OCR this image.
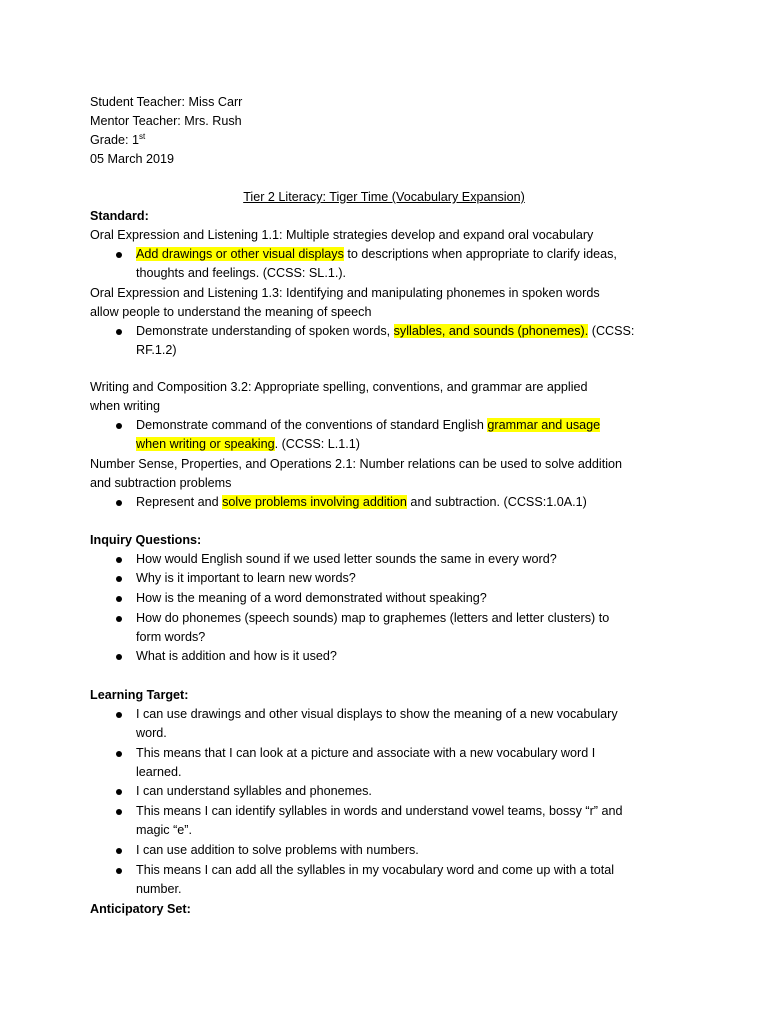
Student Teacher: Miss Carr
Mentor Teacher: Mrs. Rush
Grade: 1st
05 March 2019
Tier 2 Literacy: Tiger Time (Vocabulary Expansion)
Standard:
Oral Expression and Listening 1.1: Multiple strategies develop and expand oral vocabulary
Add drawings or other visual displays to descriptions when appropriate to clarify ideas,
thoughts and feelings. (CCSS: SL.1.).
Oral Expression and Listening 1.3: Identifying and manipulating phonemes in spoken words
allow people to understand the meaning of speech
Demonstrate understanding of spoken words, syllables, and sounds (phonemes). (CCSS:
RF.1.2)
Writing and Composition 3.2: Appropriate spelling, conventions, and grammar are applied
when writing
Demonstrate command of the conventions of standard English grammar and usage
when writing or speaking. (CCSS: L.1.1)
Number Sense, Properties, and Operations 2.1: Number relations can be used to solve addition
and subtraction problems
Represent and solve problems involving addition and subtraction. (CCSS:1.0A.1)
Inquiry Questions:
How would English sound if we used letter sounds the same in every word?
Why is it important to learn new words?
How is the meaning of a word demonstrated without speaking?
How do phonemes (speech sounds) map to graphemes (letters and letter clusters) to
form words?
What is addition and how is it used?
Learning Target:
I can use drawings and other visual displays to show the meaning of a new vocabulary
word.
This means that I can look at a picture and associate with a new vocabulary word I
learned.
I can understand syllables and phonemes.
This means I can identify syllables in words and understand vowel teams, bossy “r” and
magic “e”.
I can use addition to solve problems with numbers.
This means I can add all the syllables in my vocabulary word and come up with a total
number.
Anticipatory Set:
